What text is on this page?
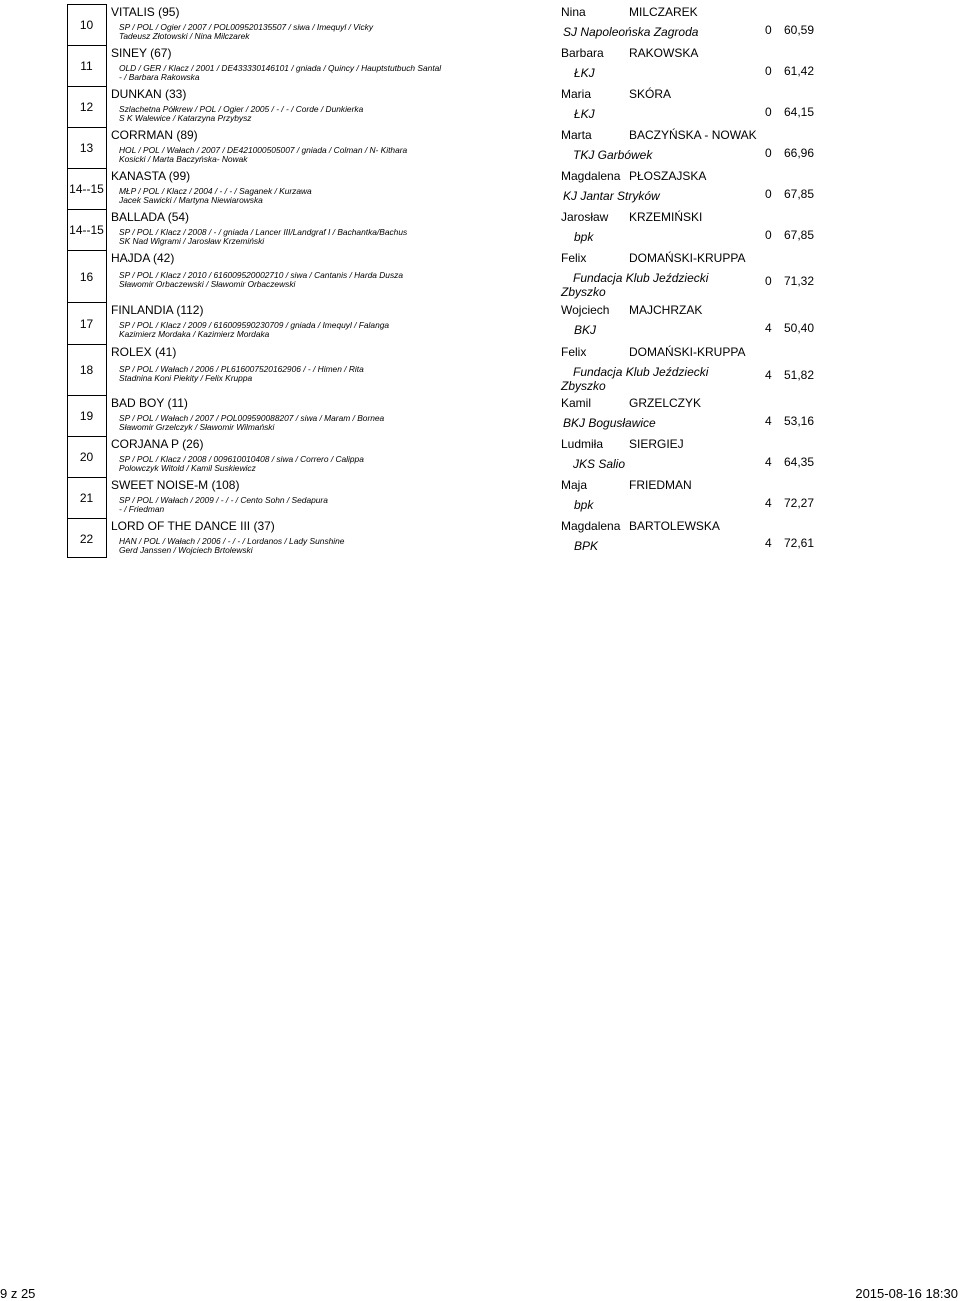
10
VITALIS (95)
SP / POL / Ogier / 2007 / POL009520135507 / siwa / Imequyl / Vicky
Tadeusz Złotowski / Nina Milczarek
Nina	MILCZAREK
SJ Napoleońska Zagroda	0 60,59
11
SINEY (67)
OLD / GER / Klacz / 2001 / DE433330146101 / gniada / Quincy / Hauptstutbuch Santal
- / Barbara Rakowska
Barbara RAKOWSKA
ŁKJ	0 61,42
12
DUNKAN (33)
Szlachetna Półkrew / POL / Ogier / 2005 / - / - / Corde / Dunkierka
S K Walewice / Katarzyna Przybysz
Maria	SKÓRA
ŁKJ	0 64,15
13
CORRMAN (89)
HOL / POL / Wałach / 2007 / DE421000505007 / gniada / Colman / N- Kithara
Kosicki / Marta Baczyńska- Nowak
Marta	BACZYŃSKA - NOWAK
TKJ Garbówek	0 66,96
14--15
KANASTA (99)
MŁP / POL / Klacz / 2004 / - / - / Saganek / Kurzawa
Jacek Sawicki / Martyna Niewiarowska
Magdalena PŁOSZAJSKA
KJ Jantar Stryków	0 67,85
14--15
BALLADA (54)
SP / POL / Klacz / 2008 / - / gniada / Lancer III/Landgraf I / Bachantka/Bachus
SK Nad Wigrami / Jarosław Krzemiński
Jarosław KRZEMIŃSKI
bpk	0 67,85
16
HAJDA (42)
SP / POL / Klacz / 2010 / 616009520002710 / siwa / Cantanis / Harda Dusza
Sławomir Orbaczewski / Sławomir Orbaczewski
Felix	DOMAŃSKI-KRUPPA
Fundacja Klub Jeździecki
Zbyszko
0 71,32
17
FINLANDIA (112)
SP / POL / Klacz / 2009 / 616009590230709 / gniada / Imequyl / Falanga
Kazimierz Mordaka / Kazimierz Mordaka
Wojciech MAJCHRZAK
BKJ	4 50,40
18
ROLEX (41)
SP / POL / Wałach / 2006 / PL616007520162906 / - / Himen / Rita
Stadnina Koni Piekity / Felix Kruppa
Felix	DOMAŃSKI-KRUPPA
Fundacja Klub Jeździecki
Zbyszko
4 51,82
19
BAD BOY (11)
SP / POL / Wałach / 2007 / POL009590088207 / siwa / Maram / Bornea
Sławomir Grzelczyk / Sławomir Wilmański
Kamil	GRZELCZYK
BKJ Bogusławice	4 53,16
20
CORJANA P (26)
SP / POL / Klacz / 2008 / 009610010408 / siwa / Correro / Calippa
Polowczyk Witold / Kamil Suskiewicz
Ludmiła SIERGIEJ
JKS Salio	4 64,35
21
SWEET NOISE-M (108)
SP / POL / Wałach / 2009 / - / - / Cento Sohn / Sedapura
- / Friedman
Maja	FRIEDMAN
bpk	4 72,27
22
LORD OF THE DANCE III (37)
HAN / POL / Wałach / 2006 / - / - / Lordanos / Lady Sunshine
Gerd Janssen / Wojciech Brtolewski
Magdalena BARTOLEWSKA
BPK	4 72,61
9 z 25	2015-08-16 18:30
